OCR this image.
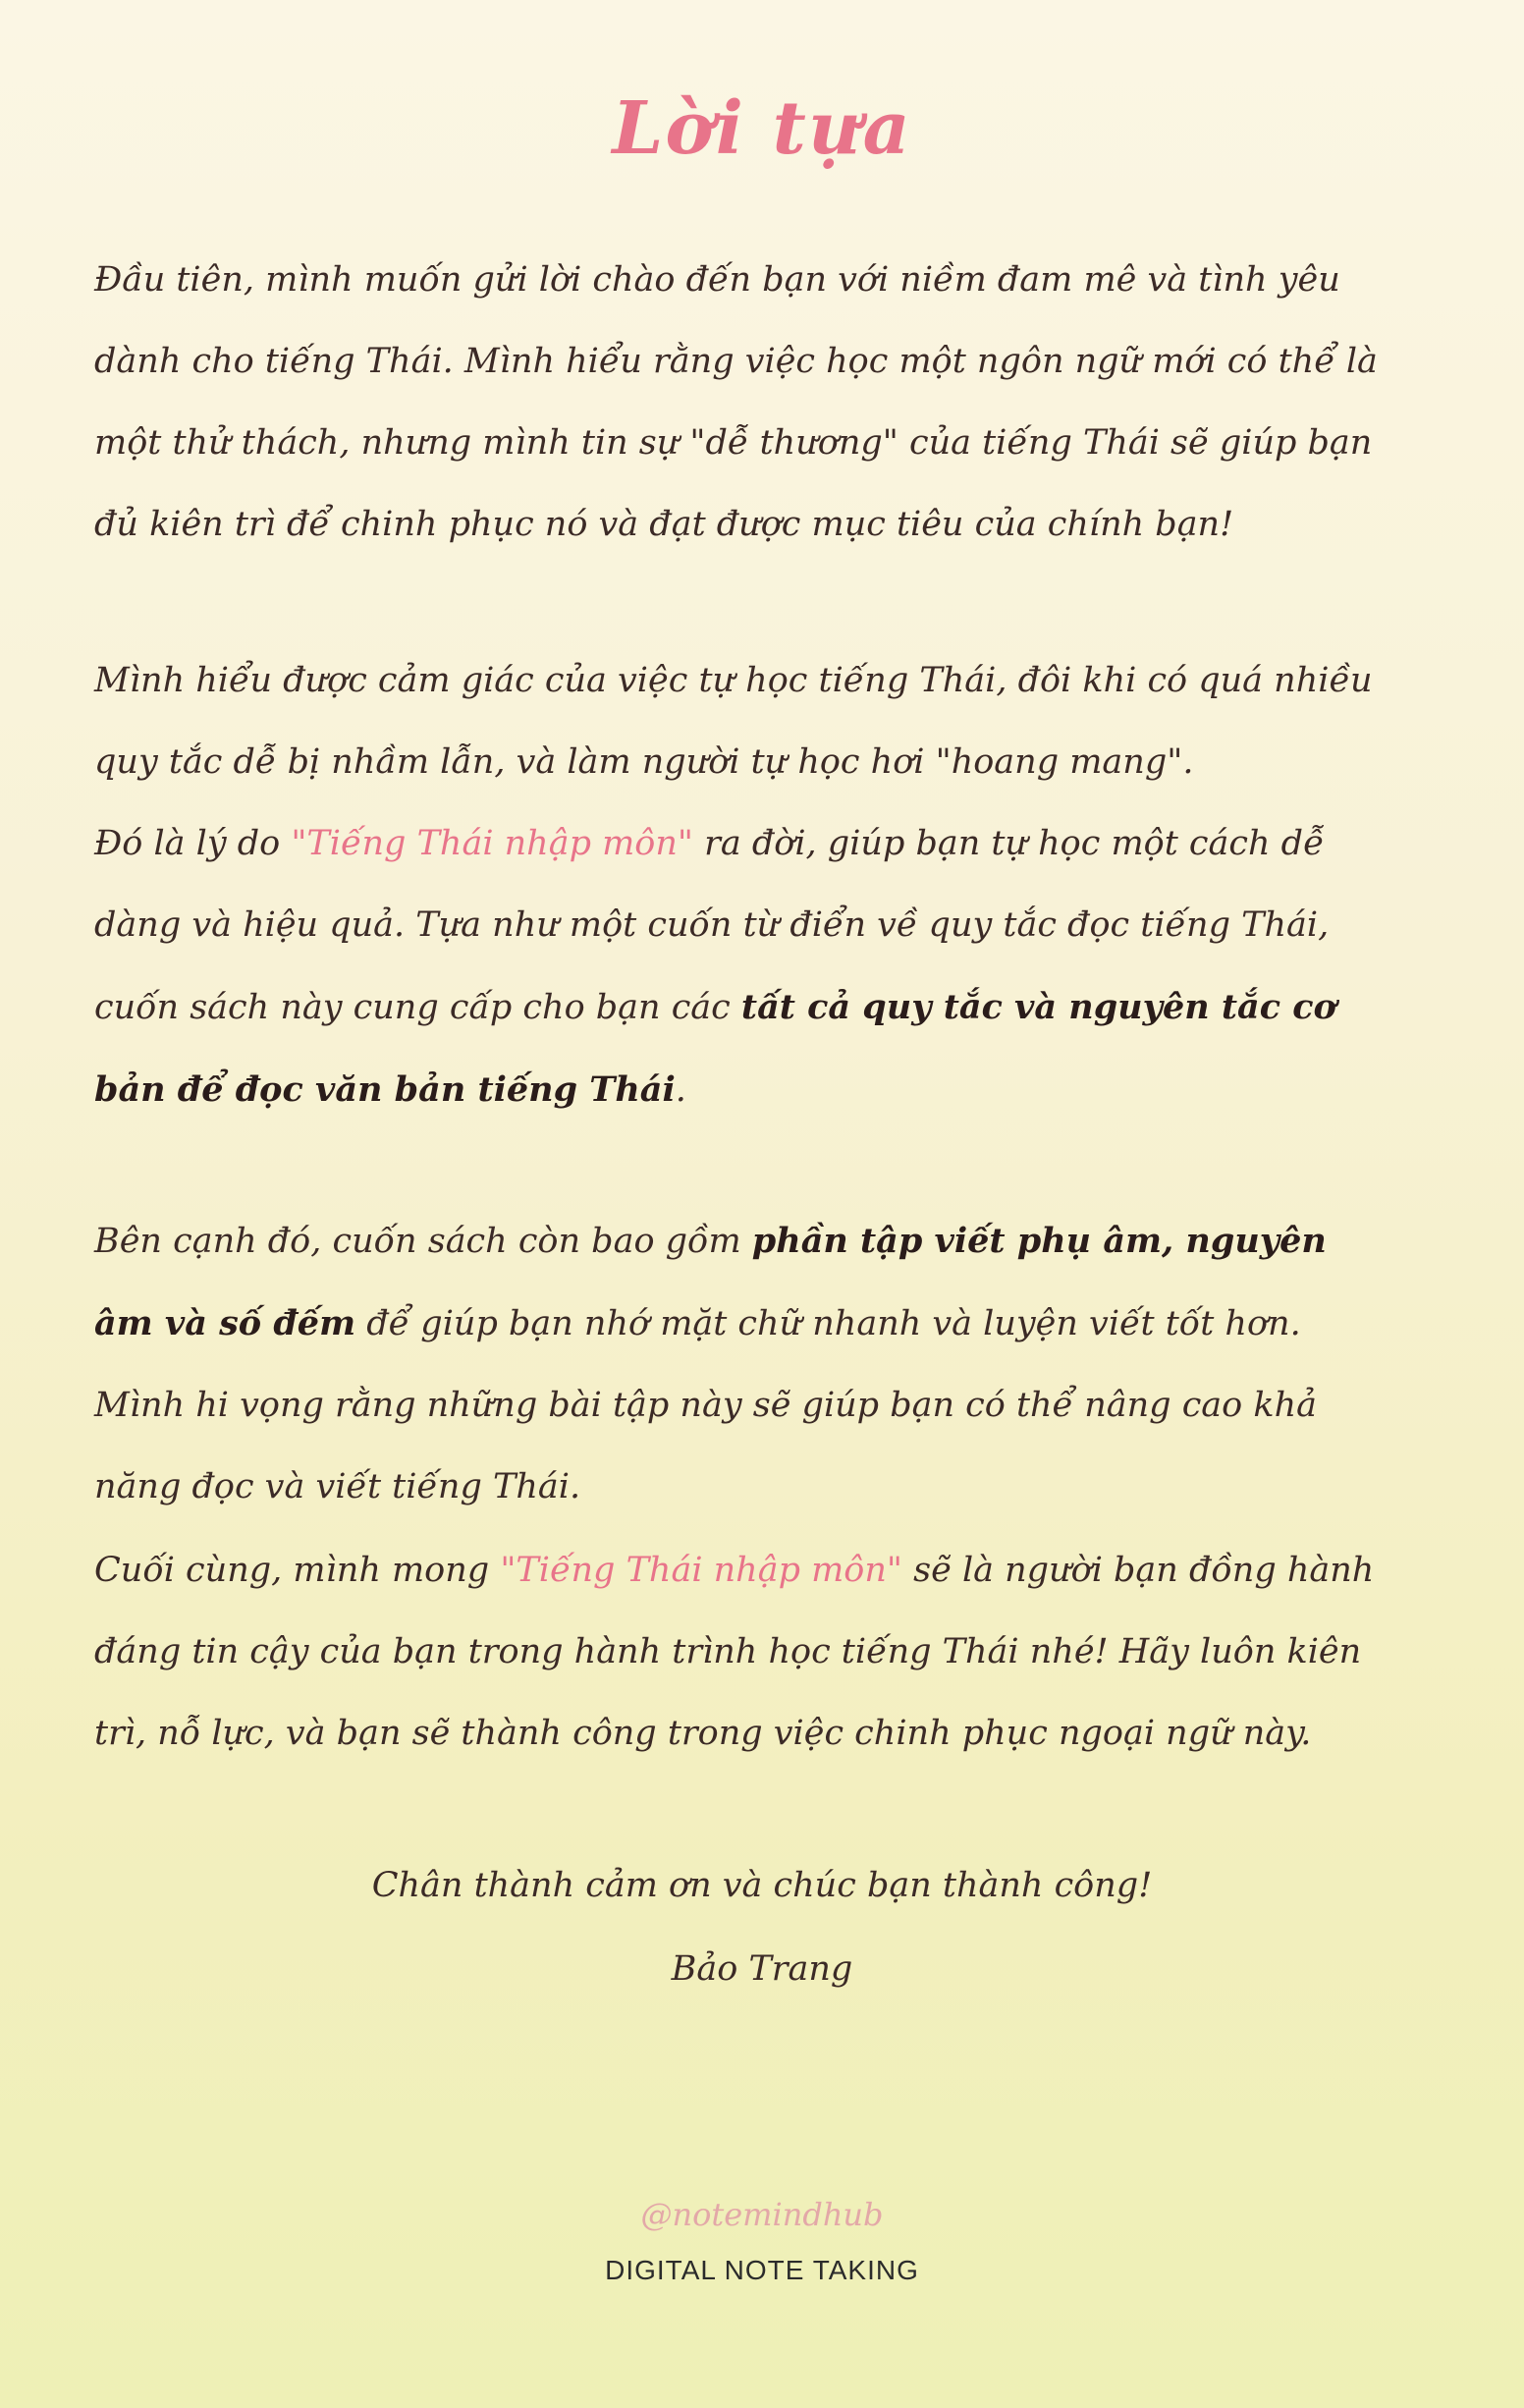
Lời tựa

Đầu tiên, mình muốn gửi lời chào đến bạn với niềm đam mê và tình yêu dành cho tiếng Thái. Mình hiểu rằng việc học một ngôn ngữ mới có thể là một thử thách, nhưng mình tin sự "dễ thương" của tiếng Thái sẽ giúp bạn đủ kiên trì để chinh phục nó và đạt được mục tiêu của chính bạn!

Mình hiểu được cảm giác của việc tự học tiếng Thái, đôi khi có quá nhiều quy tắc dễ bị nhầm lẫn, và làm người tự học hơi "hoang mang".

Đó là lý do "Tiếng Thái nhập môn" ra đời, giúp bạn tự học một cách dễ dàng và hiệu quả. Tựa như một cuốn từ điển về quy tắc đọc tiếng Thái, cuốn sách này cung cấp cho bạn các tất cả quy tắc và nguyên tắc cơ bản để đọc văn bản tiếng Thái.

Bên cạnh đó, cuốn sách còn bao gồm phần tập viết phụ âm, nguyên âm và số đếm để giúp bạn nhớ mặt chữ nhanh và luyện viết tốt hơn. Mình hi vọng rằng những bài tập này sẽ giúp bạn có thể nâng cao khả năng đọc và viết tiếng Thái.

Cuối cùng, mình mong "Tiếng Thái nhập môn" sẽ là người bạn đồng hành đáng tin cậy của bạn trong hành trình học tiếng Thái nhé! Hãy luôn kiên trì, nỗ lực, và bạn sẽ thành công trong việc chinh phục ngoại ngữ này.

Chân thành cảm ơn và chúc bạn thành công!
Bảo Trang
@notemindhub
DIGITAL NOTE TAKING
